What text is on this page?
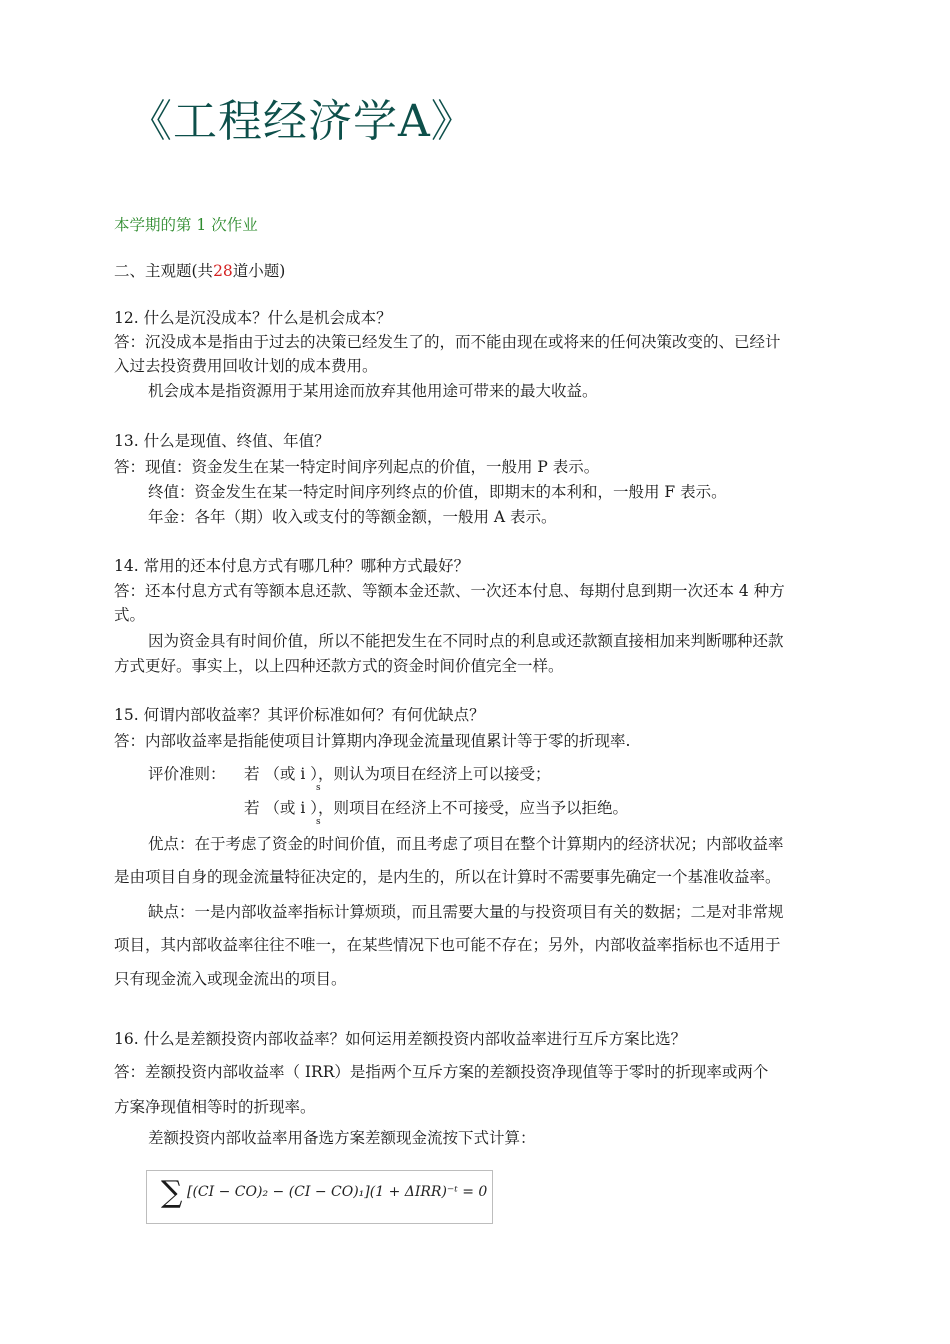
《工程经济学A》
本学期的第 1 次作业
二、主观题(共28道小题)
12. 什么是沉没成本？什么是机会成本？
答：沉没成本是指由于过去的决策已经发生了的，而不能由现在或将来的任何决策改变的、已经计
入过去投资费用回收计划的成本费用。
机会成本是指资源用于某用途而放弃其他用途可带来的最大收益。
13. 什么是现值、终值、年值？
答：现值：资金发生在某一特定时间序列起点的价值，一般用 P 表示。
终值：资金发生在某一特定时间序列终点的价值，即期末的本利和，一般用 F 表示。
年金：各年（期）收入或支付的等额金额，一般用 A 表示。
14. 常用的还本付息方式有哪几种？哪种方式最好？
答：还本付息方式有等额本息还款、等额本金还款、一次还本付息、每期付息到期一次还本 4 种方
式。
因为资金具有时间价值，所以不能把发生在不同时点的利息或还款额直接相加来判断哪种还款
方式更好。事实上，以上四种还款方式的资金时间价值完全一样。
15. 何谓内部收益率？其评价标准如何？有何优缺点？
答：内部收益率是指能使项目计算期内净现金流量现值累计等于零的折现率.
评价准则： 若 （或 i ），则认为项目在经济上可以接受；
s
若 （或 i ），则项目在经济上不可接受，应当予以拒绝。
s
优点：在于考虑了资金的时间价值，而且考虑了项目在整个计算期内的经济状况；内部收益率
是由项目自身的现金流量特征决定的，是内生的，所以在计算时不需要事先确定一个基准收益率。
缺点：一是内部收益率指标计算烦琐，而且需要大量的与投资项目有关的数据；二是对非常规
项目，其内部收益率往往不唯一，在某些情况下也可能不存在；另外，内部收益率指标也不适用于
只有现金流入或现金流出的项目。
16. 什么是差额投资内部收益率？如何运用差额投资内部收益率进行互斥方案比选？
答：差额投资内部收益率（ IRR）是指两个互斥方案的差额投资净现值等于零时的折现率或两个
方案净现值相等时的折现率。
差额投资内部收益率用备选方案差额现金流按下式计算：
∑ [(CI − CO)₂ − (CI − CO)₁](1 + ΔIRR)⁻ᵗ = 0
